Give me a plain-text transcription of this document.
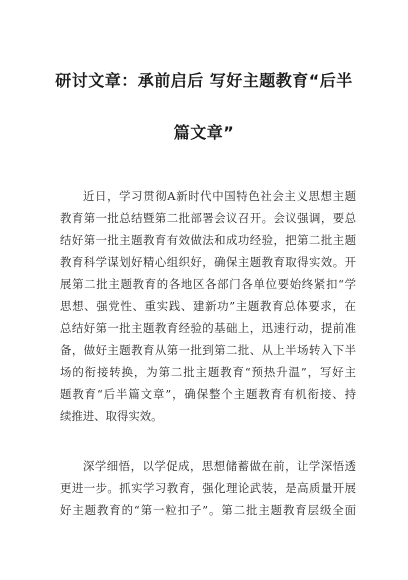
研讨文章：承前启后 写好主题教育“后半
篇文章”
近日，学习贯彻A新时代中国特色社会主义思想主题
教育第一批总结暨第二批部署会议召开。会议强调，要总
结好第一批主题教育有效做法和成功经验，把第二批主题
教育科学谋划好精心组织好，确保主题教育取得实效。开
展第二批主题教育的各地区各部门各单位要始终紧扣“学
思想、强党性、重实践、建新功”主题教育总体要求，在
总结好第一批主题教育经验的基础上，迅速行动，提前准
备，做好主题教育从第一批到第二批、从上半场转入下半
场的衔接转换，为第二批主题教育“预热升温”，写好主
题教育“后半篇文章”，确保整个主题教育有机衔接、持
续推进、取得实效。
深学细悟，以学促成，思想储蓄做在前，让学深悟透
更进一步。抓实学习教育，强化理论武装，是高质量开展
好主题教育的“第一粒扣子”。第二批主题教育层级全面
